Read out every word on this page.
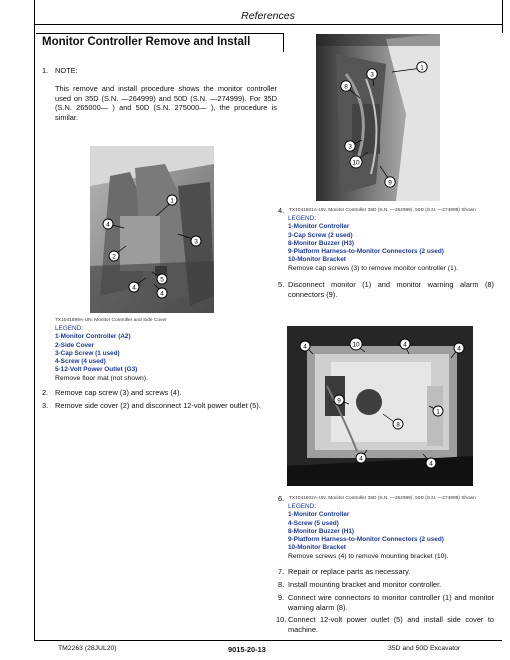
References
Monitor Controller Remove and Install
1. NOTE:
This remove and install procedure shows the monitor controller used on 35D (S.N. —264999) and 50D (S.N. —274999). For 35D (S.N. 265000— ) and 50D (S.N. 275000— ), the procedure is similar.
1
4
3
2
5
4
4
TX1041599A-UN: Monitor Controller and Side Cover
LEGEND:
1-Monitor Controller (A2)
2-Side Cover
3-Cap Screw (1 used)
4-Screw (4 used)
5-12-Volt Power Outlet (G3)
Remove floor mat (not shown).
2. Remove cap screw (3) and screws (4).
3. Remove side cover (2) and disconnect 12-volt power outlet (5).
1
3
8
3
10
9
4. TX1041601A-UN: Monitor Controller 35D (S.N. —264999), 50D (S.N. —274999) Shown
LEGEND:
1-Monitor Controller
3-Cap Screw (2 used)
8-Monitor Buzzer (H3)
9-Platform Harness-to-Monitor Connectors (2 used)
10-Monitor Bracket
Remove cap screws (3) to remove monitor controller (1).
5. Disconnect monitor (1) and monitor warning alarm (8) connectors (9).
4	10	4
4
9
1
8
4
4
6. TX1041602A-UN: Monitor Controller 35D (S.N. —264999), 50D (S.N. —274999) Shown
LEGEND:
1-Monitor Controller
4-Screw (5 used)
8-Monitor Buzzer (H1)
9-Platform Harness-to-Monitor Connectors (2 used)
10-Monitor Bracket
Remove screws (4) to remove mounting bracket (10).
7. Repair or replace parts as necessary.
8. Install mounting bracket and monitor controller.
9. Connect wire connectors to monitor controller (1) and monitor warning alarm (8).
10. Connect 12-volt power outlet (5) and install side cover to machine.
TM2263 (28JUL20)	9015-20-13	35D and 50D Excavator
